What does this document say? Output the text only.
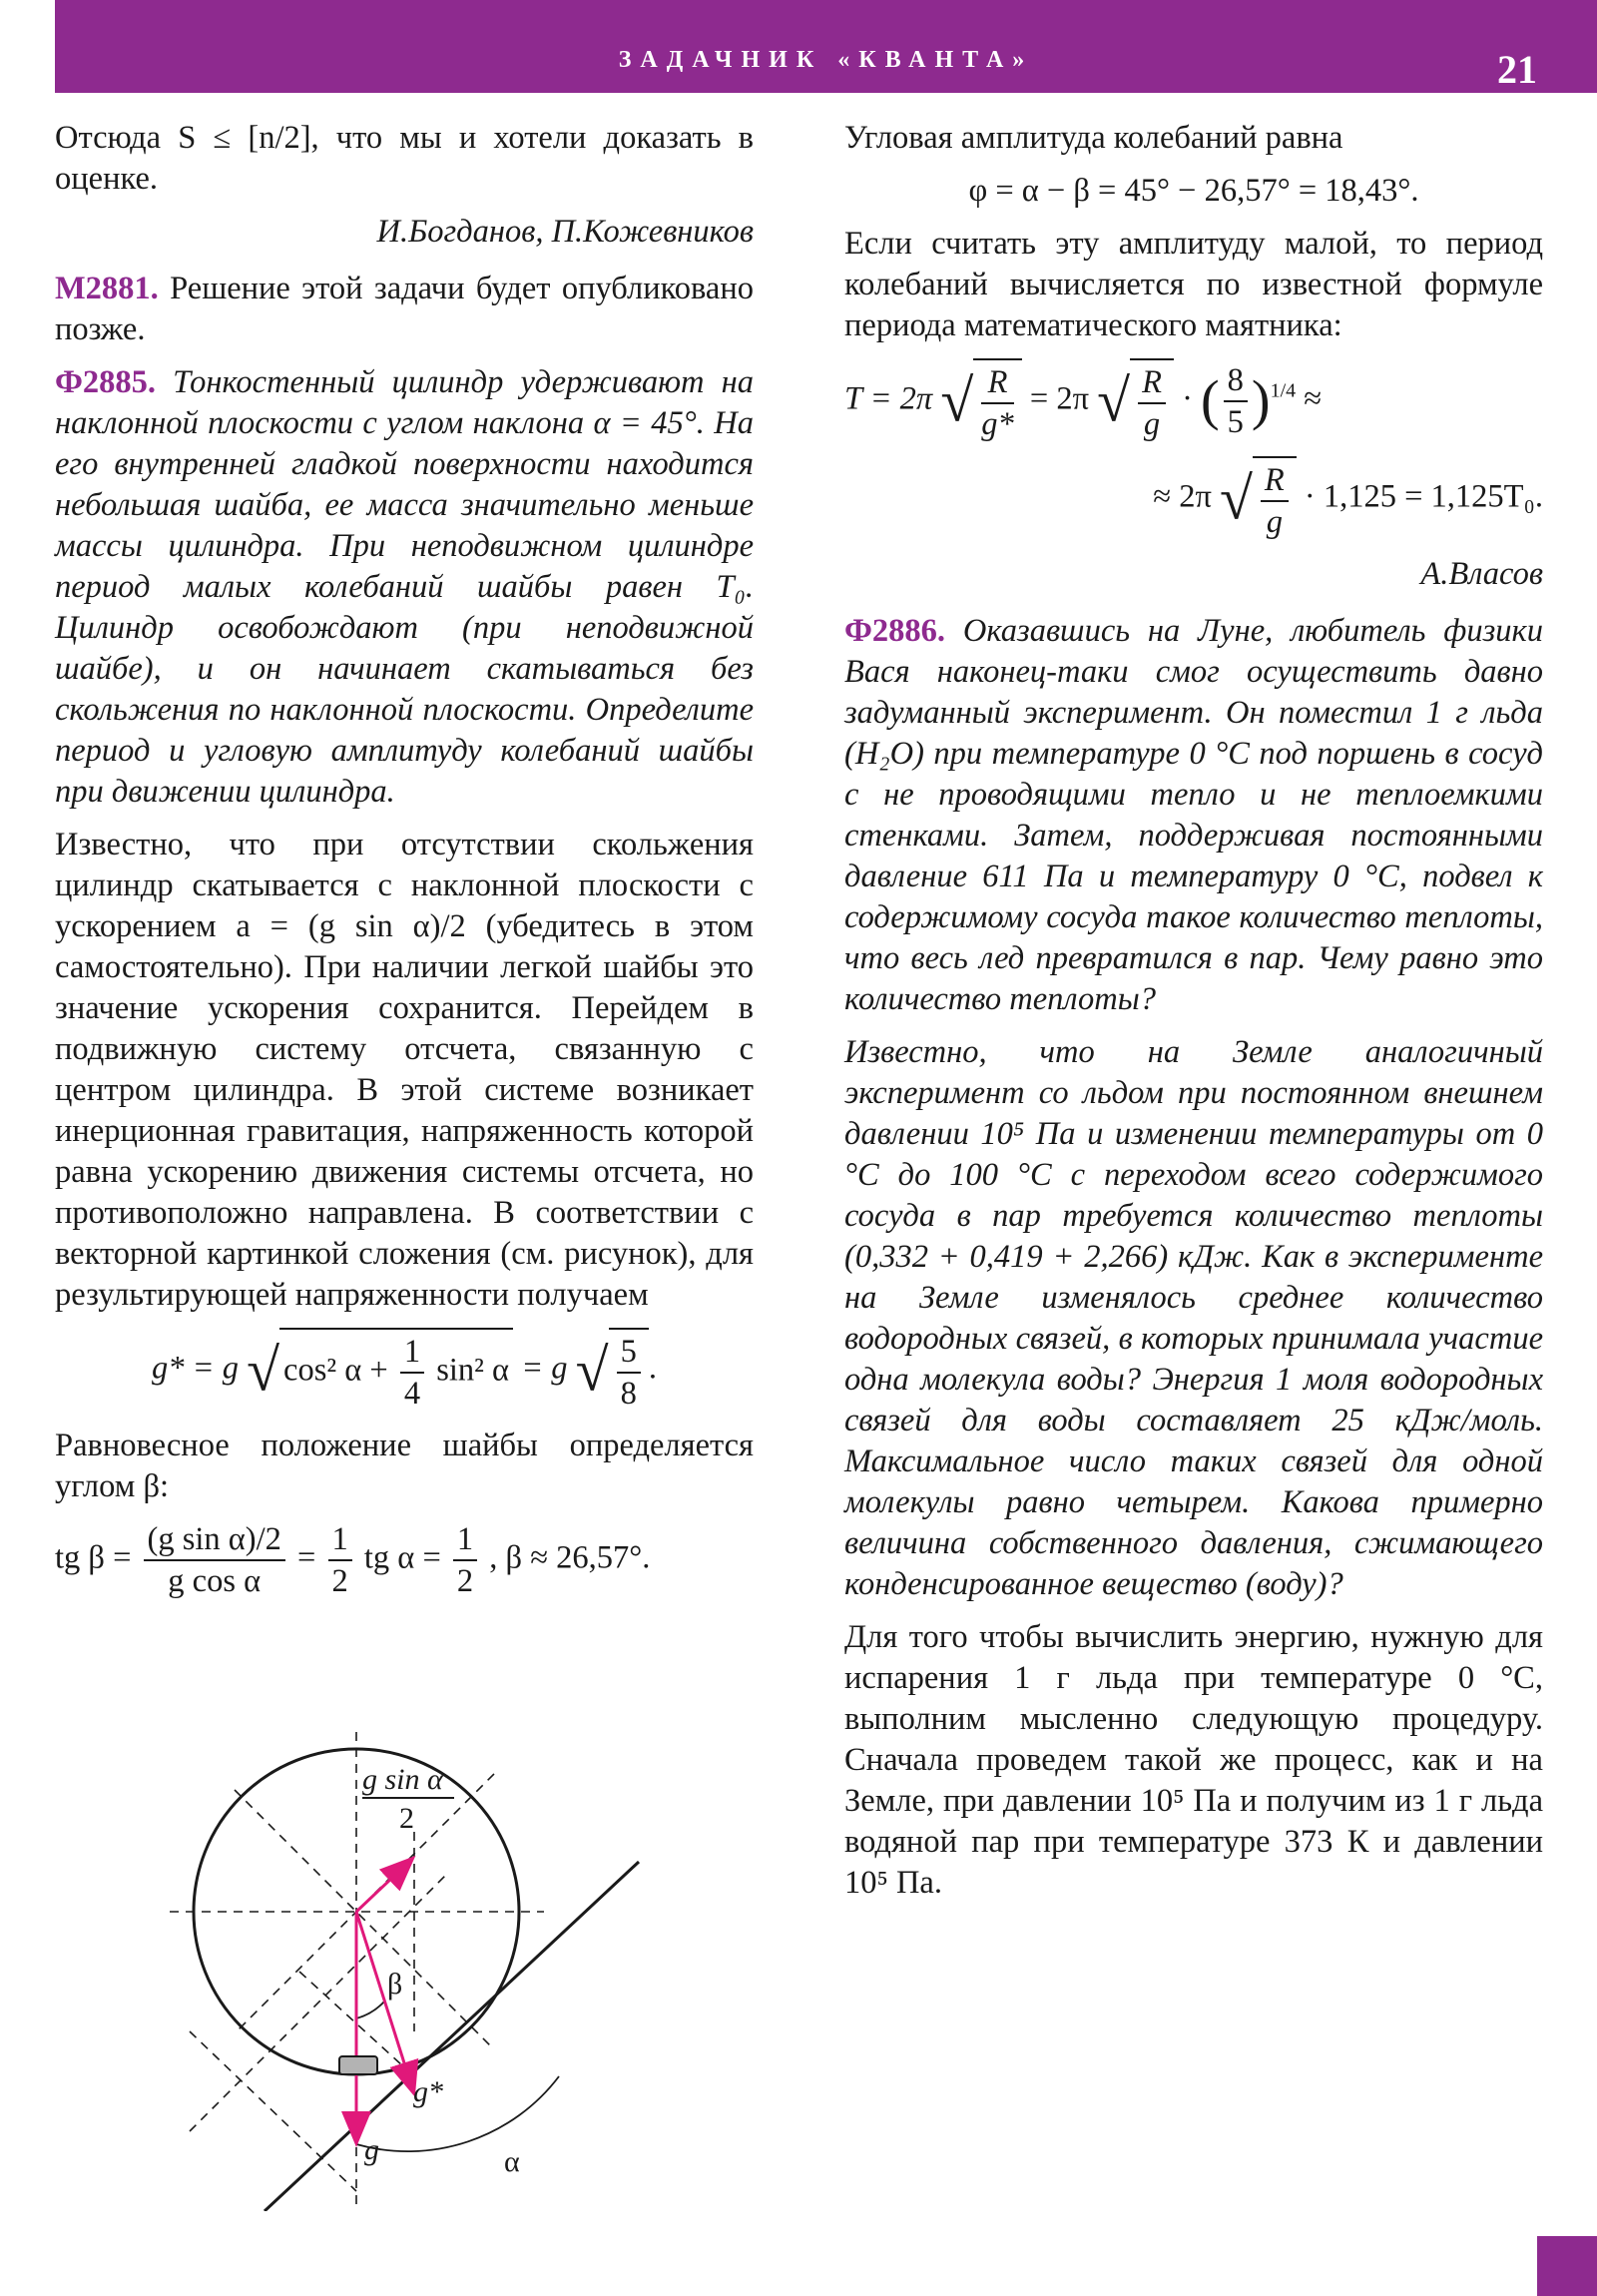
ЗАДАЧНИК «КВАНТА»	21

Отсюда S ≤ [n/2], что мы и хотели доказать в оценке.

И.Богданов, П.Кожевников

М2881. Решение этой задачи будет опубликовано позже.

Ф2885. Тонкостенный цилиндр удерживают на наклонной плоскости с углом наклона α = 45°. На его внутренней гладкой поверхности находится небольшая шайба, ее масса значительно меньше массы цилиндра. При неподвижном цилиндре период малых колебаний шайбы равен T₀. Цилиндр освобождают (при неподвижной шайбе), и он начинает скатываться без скольжения по наклонной плоскости. Определите период и угловую амплитуду колебаний шайбы при движении цилиндра.

Известно, что при отсутствии скольжения цилиндр скатывается с наклонной плоскости с ускорением a = (g sin α)/2 (убедитесь в этом самостоятельно). При наличии легкой шайбы это значение ускорения сохранится. Перейдем в подвижную систему отсчета, связанную с центром цилиндра. В этой системе возникает инерционная гравитация, напряженность которой равна ускорению движения системы отсчета, но противоположно направлена. В соответствии с векторной картинкой сложения (см. рисунок), для результирующей напряженности получаем

g* = g √ cos² $\alpha + \frac{1}{4} \sin^2$ α = g √ $\frac{5}{8}$ .

Равновесное положение шайбы определяется углом β:

tg $\beta = \frac{\text{(g sin α)/2}}{\text{g cos α}} = \frac{1}{2}$ tg $\alpha = \frac{1}{2}$ , β ≈ 26,57°.
g sin α
2
β
g*
g	α

Угловая амплитуда колебаний равна

φ = α − β = 45° − 26,57° = 18,43°.

Если считать эту амплитуду малой, то период колебаний вычисляется по известной формуле периода математического маятника:

T = 2π √ $\frac{R}{g*} = 2\pi$ √ $\frac{R}{g}$ · ( $\frac{8}{5} )^{1/4}$ ≈
≈ 2π √ $\frac{R}{g} \cdot 1,125 = 1,125T_0$.

А.Власов

Ф2886. Оказавшись на Луне, любитель физики Вася наконец-таки смог осуществить давно задуманный эксперимент. Он поместил 1 г льда (H₂O) при температуре 0 °C под поршень в сосуд с не проводящими тепло и не теплоемкими стенками. Затем, поддерживая постоянными давление 611 Па и температуру 0 °C, подвел к содержимому сосуда такое количество теплоты, что весь лед превратился в пар. Чему равно это количество теплоты?

Известно, что на Земле аналогичный эксперимент со льдом при постоянном внешнем давлении 10⁵ Па и изменении температуры от 0 °C до 100 °C с переходом всего содержимого сосуда в пар требуется количество теплоты (0,332 + 0,419 + 2,266) кДж. Как в эксперименте на Земле изменялось среднее количество водородных связей, в которых принимала участие одна молекула воды? Энергия 1 моля водородных связей для воды составляет 25 кДж/моль. Максимальное число таких связей для одной молекулы равно четырем. Какова примерно величина собственного давления, сжимающего конденсированное вещество (воду)?

Для того чтобы вычислить энергию, нужную для испарения 1 г льда при температуре 0 °C, выполним мысленно следующую процедуру. Сначала проведем такой же процесс, как и на Земле, при давлении 10⁵ Па и получим из 1 г льда водяной пар при температуре 373 К и давлении 10⁵ Па.
